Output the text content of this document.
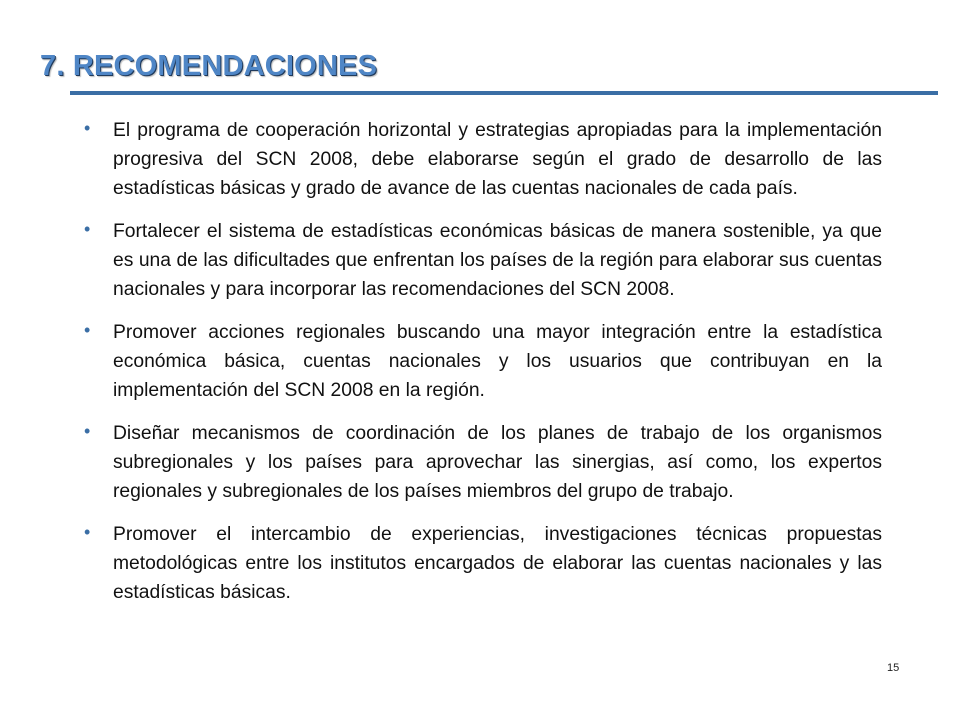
7. RECOMENDACIONES
• El programa de cooperación horizontal y estrategias apropiadas para la implementación progresiva del SCN 2008, debe elaborarse según el grado de desarrollo de las estadísticas básicas y grado de avance de las cuentas nacionales de cada país.
• Fortalecer el sistema de estadísticas económicas básicas de manera sostenible, ya que es una de las dificultades que enfrentan los países de la región para elaborar sus cuentas nacionales y para incorporar las recomendaciones del SCN 2008.
• Promover acciones regionales buscando una mayor integración entre la estadística económica básica, cuentas nacionales y los usuarios que contribuyan en la implementación del SCN 2008 en la región.
• Diseñar mecanismos de coordinación de los planes de trabajo de los organismos subregionales y los países para aprovechar las sinergias, así como, los expertos regionales y subregionales de los países miembros del grupo de trabajo.
• Promover el intercambio de experiencias, investigaciones técnicas propuestas metodológicas entre los institutos encargados de elaborar las cuentas nacionales y las estadísticas básicas.
15
